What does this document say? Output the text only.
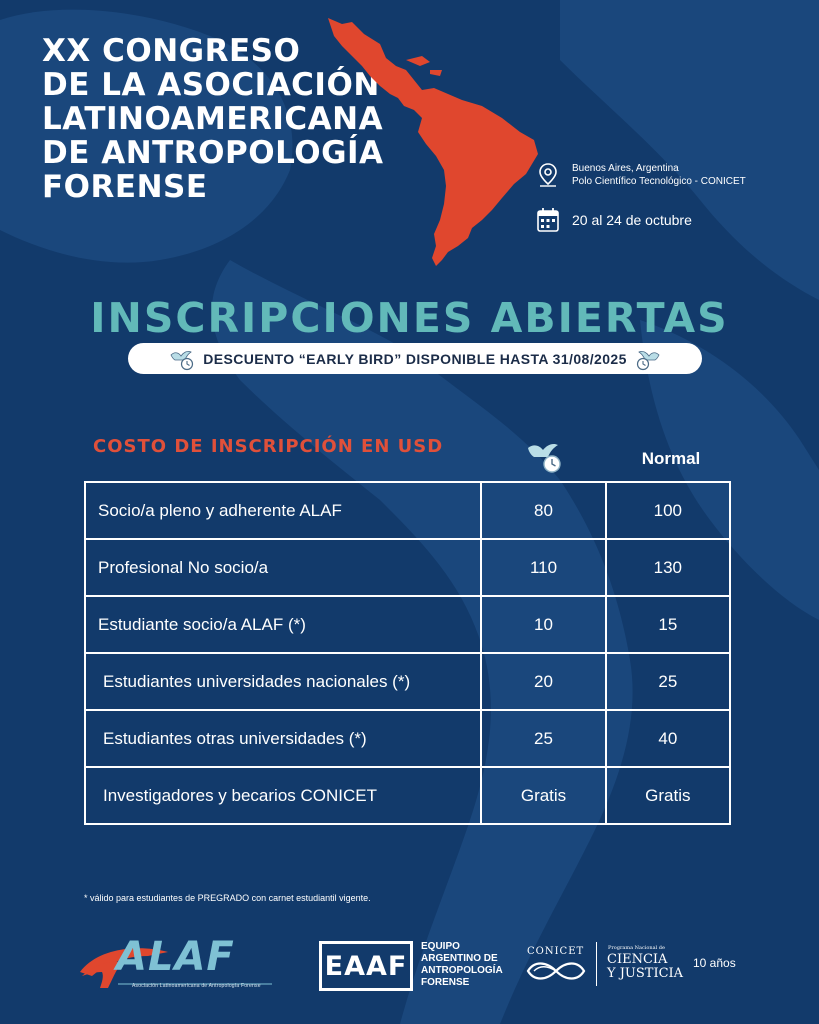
XX CONGRESO
DE LA ASOCIACIÓN
LATINOAMERICANA
DE ANTROPOLOGÍA
FORENSE
Buenos Aires, Argentina
Polo Científico Tecnológico - CONICET
20 al 24 de octubre
INSCRIPCIONES ABIERTAS
DESCUENTO “EARLY BIRD” DISPONIBLE HASTA 31/08/2025
COSTO DE INSCRIPCIÓN EN USD
Normal
Socio/a pleno y adherente ALAF	80	100
Profesional No socio/a	110	130
Estudiante socio/a ALAF (*)	10	15
Estudiantes universidades nacionales (*)	20	25
Estudiantes otras universidades (*)	25	40
Investigadores y becarios CONICET	Gratis	Gratis
* válido para estudiantes de PREGRADO con carnet estudiantil vigente.
ALAF
Asociación Latinoamericana de Antropología Forense
EAAF
EQUIPO
ARGENTINO DE
ANTROPOLOGÍA
FORENSE
CONICET	Programa Nacional de
CIENCIA
Y JUSTICIA
10 años
